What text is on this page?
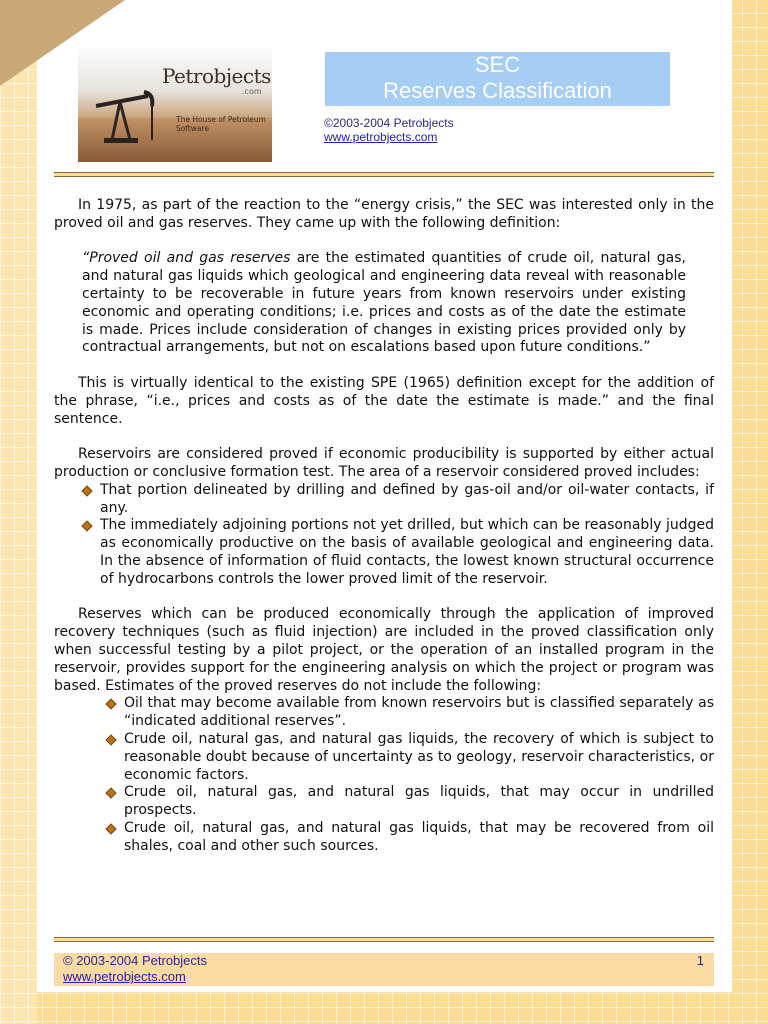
Petrobjects
.com
The House of Petroleum Software
SEC
Reserves Classification
©2003-2004 Petrobjects
www.petrobjects.com

In 1975, as part of the reaction to the “energy crisis,” the SEC was interested only in the proved oil and gas reserves. They came up with the following definition:

“Proved oil and gas reserves are the estimated quantities of crude oil, natural gas, and natural gas liquids which geological and engineering data reveal with reasonable certainty to be recoverable in future years from known reservoirs under existing economic and operating conditions; i.e. prices and costs as of the date the estimate is made. Prices include consideration of changes in existing prices provided only by contractual arrangements, but not on escalations based upon future conditions.”

This is virtually identical to the existing SPE (1965) definition except for the addition of the phrase, “i.e., prices and costs as of the date the estimate is made.” and the final sentence.

Reservoirs are considered proved if economic producibility is supported by either actual production or conclusive formation test. The area of a reservoir considered proved includes:

That portion delineated by drilling and defined by gas-oil and/or oil-water contacts, if any.
The immediately adjoining portions not yet drilled, but which can be reasonably judged as economically productive on the basis of available geological and engineering data. In the absence of information of fluid contacts, the lowest known structural occurrence of hydrocarbons controls the lower proved limit of the reservoir.

Reserves which can be produced economically through the application of improved recovery techniques (such as fluid injection) are included in the proved classification only when successful testing by a pilot project, or the operation of an installed program in the reservoir, provides support for the engineering analysis on which the project or program was based. Estimates of the proved reserves do not include the following:

Oil that may become available from known reservoirs but is classified separately as “indicated additional reserves”.
Crude oil, natural gas, and natural gas liquids, the recovery of which is subject to reasonable doubt because of uncertainty as to geology, reservoir characteristics, or economic factors.
Crude oil, natural gas, and natural gas liquids, that may occur in undrilled prospects.
Crude oil, natural gas, and natural gas liquids, that may be recovered from oil shales, coal and other such sources.
© 2003-2004 Petrobjects
www.petrobjects.com
1
